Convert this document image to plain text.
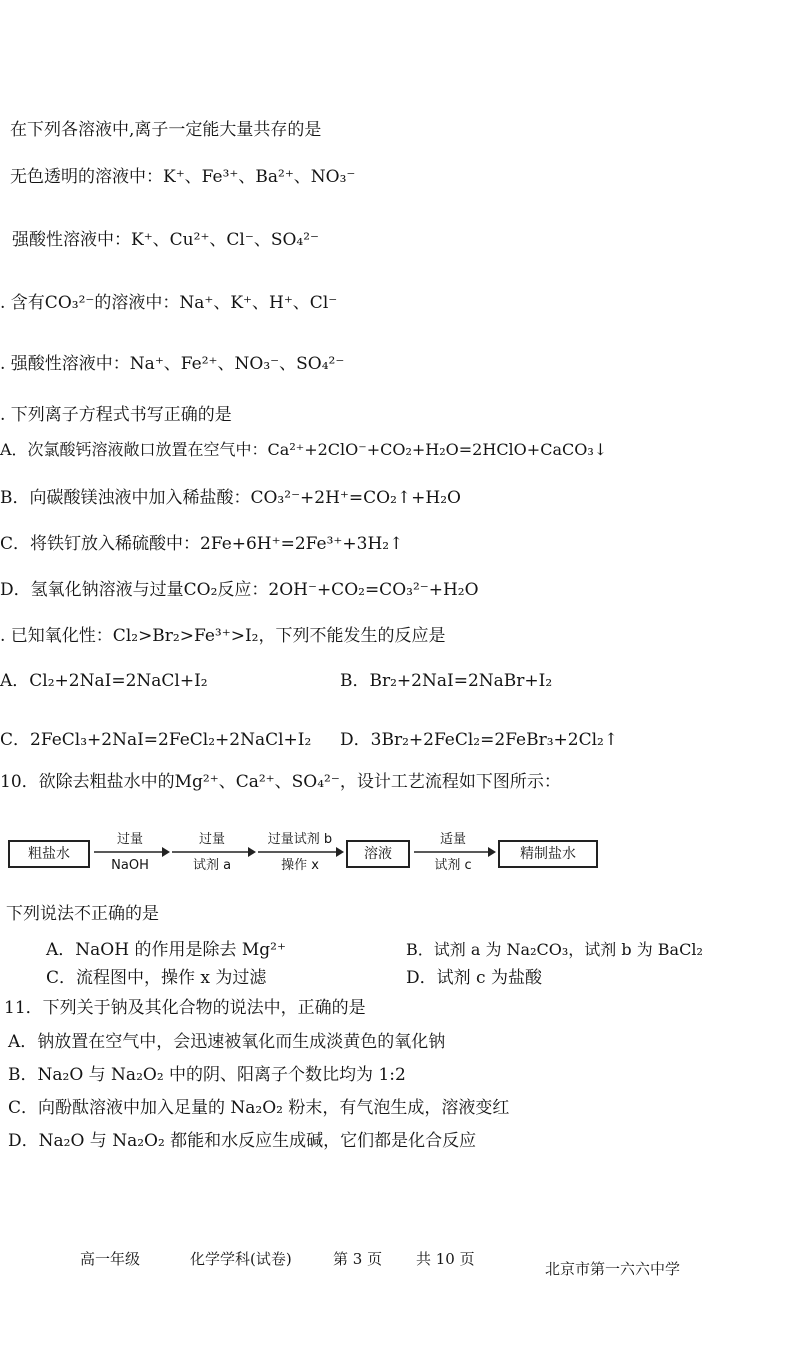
在下列各溶液中,离子一定能大量共存的是
无色透明的溶液中：K⁺、Fe³⁺、Ba²⁺、NO₃⁻
强酸性溶液中：K⁺、Cu²⁺、Cl⁻、SO₄²⁻
. 含有CO₃²⁻的溶液中：Na⁺、K⁺、H⁺、Cl⁻
. 强酸性溶液中：Na⁺、Fe²⁺、NO₃⁻、SO₄²⁻
. 下列离子方程式书写正确的是
A．次氯酸钙溶液敞口放置在空气中：Ca²⁺+2ClO⁻+CO₂+H₂O=2HClO+CaCO₃↓
B．向碳酸镁浊液中加入稀盐酸：CO₃²⁻+2H⁺=CO₂↑+H₂O
C．将铁钉放入稀硫酸中：2Fe+6H⁺=2Fe³⁺+3H₂↑
D．氢氧化钠溶液与过量CO₂反应：2OH⁻+CO₂=CO₃²⁻+H₂O
. 已知氧化性：Cl₂>Br₂>Fe³⁺>I₂，下列不能发生的反应是
A．Cl₂+2NaI=2NaCl+I₂	B．Br₂+2NaI=2NaBr+I₂
C．2FeCl₃+2NaI=2FeCl₂+2NaCl+I₂ D．3Br₂+2FeCl₂=2FeBr₃+2Cl₂↑
10．欲除去粗盐水中的Mg²⁺、Ca²⁺、SO₄²⁻，设计工艺流程如下图所示：
粗盐水
过量
NaOH
过量
试剂 a
过量试剂 b
操作 x
溶液
适量
试剂 c
精制盐水
下列说法不正确的是
A．NaOH 的作用是除去 Mg²⁺	B．试剂 a 为 Na₂CO₃，试剂 b 为 BaCl₂
C．流程图中，操作 x 为过滤	D．试剂 c 为盐酸
11．下列关于钠及其化合物的说法中，正确的是
A．钠放置在空气中，会迅速被氧化而生成淡黄色的氧化钠
B．Na₂O 与 Na₂O₂ 中的阴、阳离子个数比均为 1:2
C．向酚酞溶液中加入足量的 Na₂O₂ 粉末，有气泡生成，溶液变红
D．Na₂O 与 Na₂O₂ 都能和水反应生成碱，它们都是化合反应
高一年级	化学学科(试卷)	第 3 页 共 10 页
北京市第一六六中学
